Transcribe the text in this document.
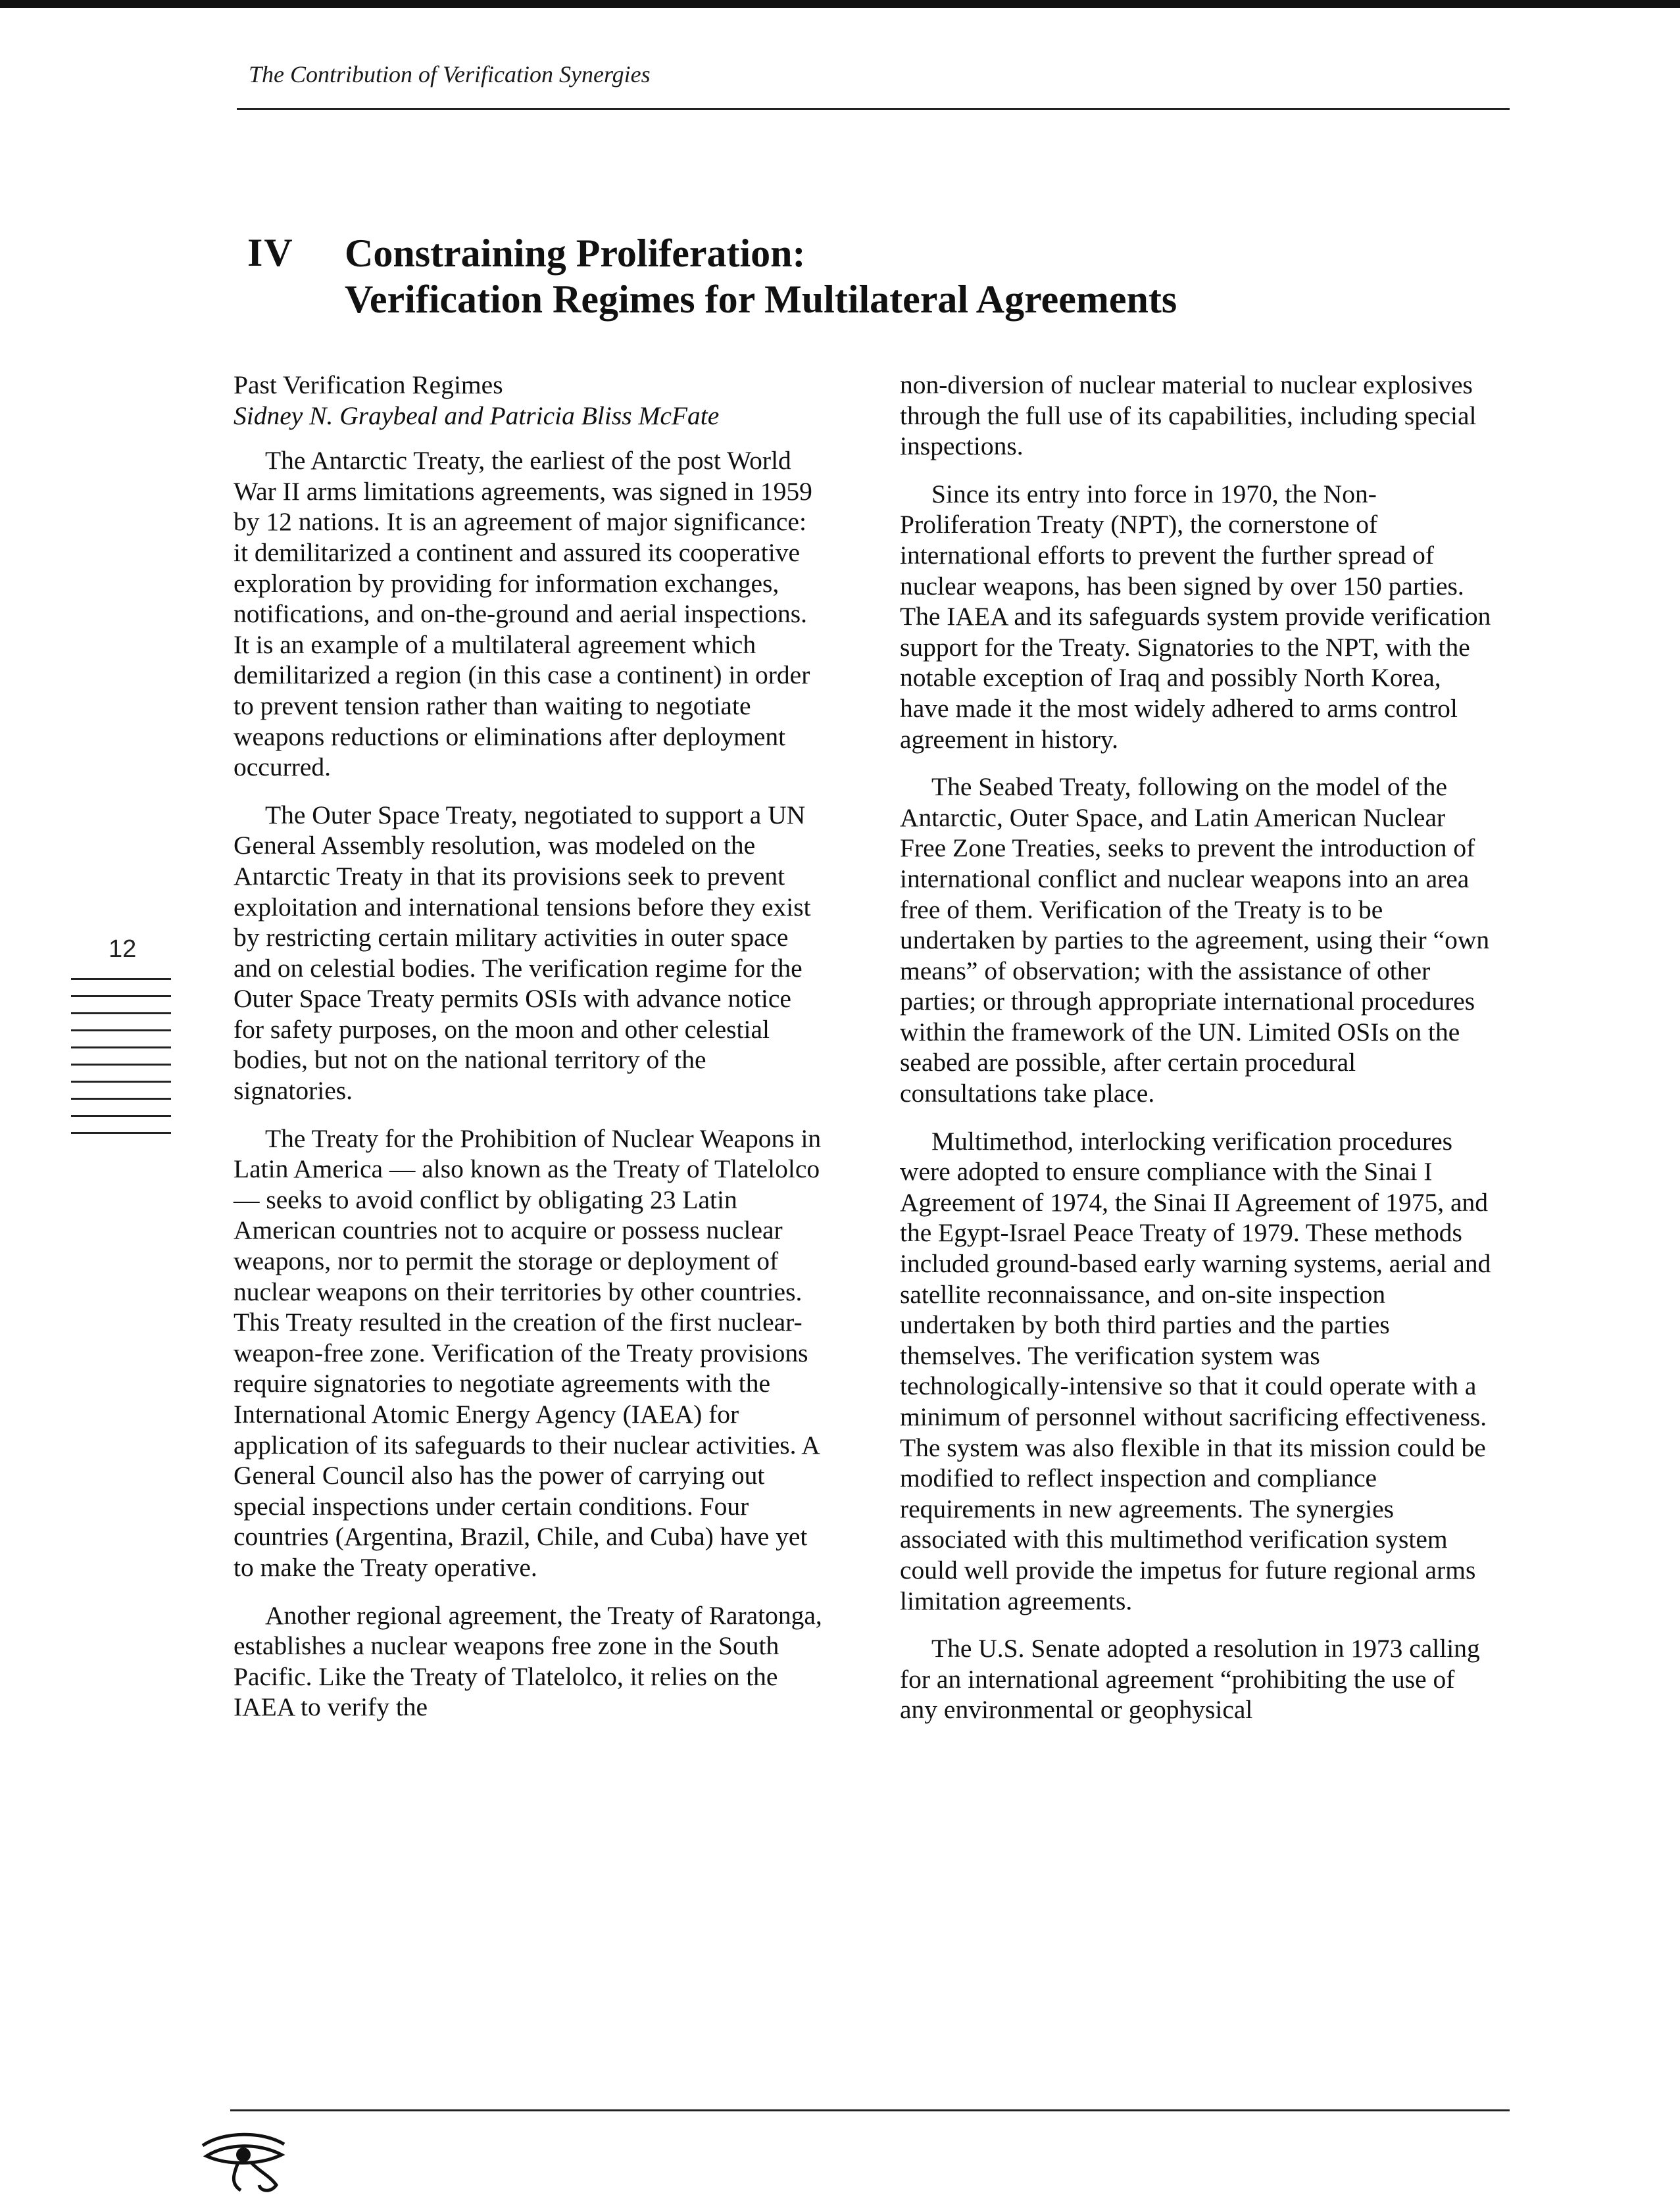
The Contribution of Verification Synergies
IV Constraining Proliferation:
Verification Regimes for Multilateral Agreements
Past Verification Regimes
Sidney N. Graybeal and Patricia Bliss McFate

The Antarctic Treaty, the earliest of the post World War II arms limitations agreements, was signed in 1959 by 12 nations. It is an agreement of major significance: it demilitarized a continent and assured its cooperative exploration by providing for information exchanges, notifications, and on-the-ground and aerial inspections. It is an example of a multilateral agreement which demilitarized a region (in this case a continent) in order to prevent tension rather than waiting to negotiate weapons reductions or eliminations after deployment occurred.

The Outer Space Treaty, negotiated to support a UN General Assembly resolution, was modeled on the Antarctic Treaty in that its provisions seek to prevent exploitation and international tensions before they exist by restricting certain military activities in outer space and on celestial bodies. The verification regime for the Outer Space Treaty permits OSIs with advance notice for safety purposes, on the moon and other celestial bodies, but not on the national territory of the signatories.

The Treaty for the Prohibition of Nuclear Weapons in Latin America — also known as the Treaty of Tlatelolco — seeks to avoid conflict by obligating 23 Latin American countries not to acquire or possess nuclear weapons, nor to permit the storage or deployment of nuclear weapons on their territories by other countries. This Treaty resulted in the creation of the first nuclear-weapon-free zone. Verification of the Treaty provisions require signatories to negotiate agreements with the International Atomic Energy Agency (IAEA) for application of its safeguards to their nuclear activities. A General Council also has the power of carrying out special inspections under certain conditions. Four countries (Argentina, Brazil, Chile, and Cuba) have yet to make the Treaty operative.

Another regional agreement, the Treaty of Raratonga, establishes a nuclear weapons free zone in the South Pacific. Like the Treaty of Tlatelolco, it relies on the IAEA to verify the

non-diversion of nuclear material to nuclear explosives through the full use of its capabilities, including special inspections.

Since its entry into force in 1970, the Non-Proliferation Treaty (NPT), the cornerstone of international efforts to prevent the further spread of nuclear weapons, has been signed by over 150 parties. The IAEA and its safeguards system provide verification support for the Treaty. Signatories to the NPT, with the notable exception of Iraq and possibly North Korea, have made it the most widely adhered to arms control agreement in history.

The Seabed Treaty, following on the model of the Antarctic, Outer Space, and Latin American Nuclear Free Zone Treaties, seeks to prevent the introduction of international conflict and nuclear weapons into an area free of them. Verification of the Treaty is to be undertaken by parties to the agreement, using their “own means” of observation; with the assistance of other parties; or through appropriate international procedures within the framework of the UN. Limited OSIs on the seabed are possible, after certain procedural consultations take place.

Multimethod, interlocking verification procedures were adopted to ensure compliance with the Sinai I Agreement of 1974, the Sinai II Agreement of 1975, and the Egypt-Israel Peace Treaty of 1979. These methods included ground-based early warning systems, aerial and satellite reconnaissance, and on-site inspection undertaken by both third parties and the parties themselves. The verification system was technologically-intensive so that it could operate with a minimum of personnel without sacrificing effectiveness. The system was also flexible in that its mission could be modified to reflect inspection and compliance requirements in new agreements. The synergies associated with this multimethod verification system could well provide the impetus for future regional arms limitation agreements.

The U.S. Senate adopted a resolution in 1973 calling for an international agreement “prohibiting the use of any environmental or geophysical

12
